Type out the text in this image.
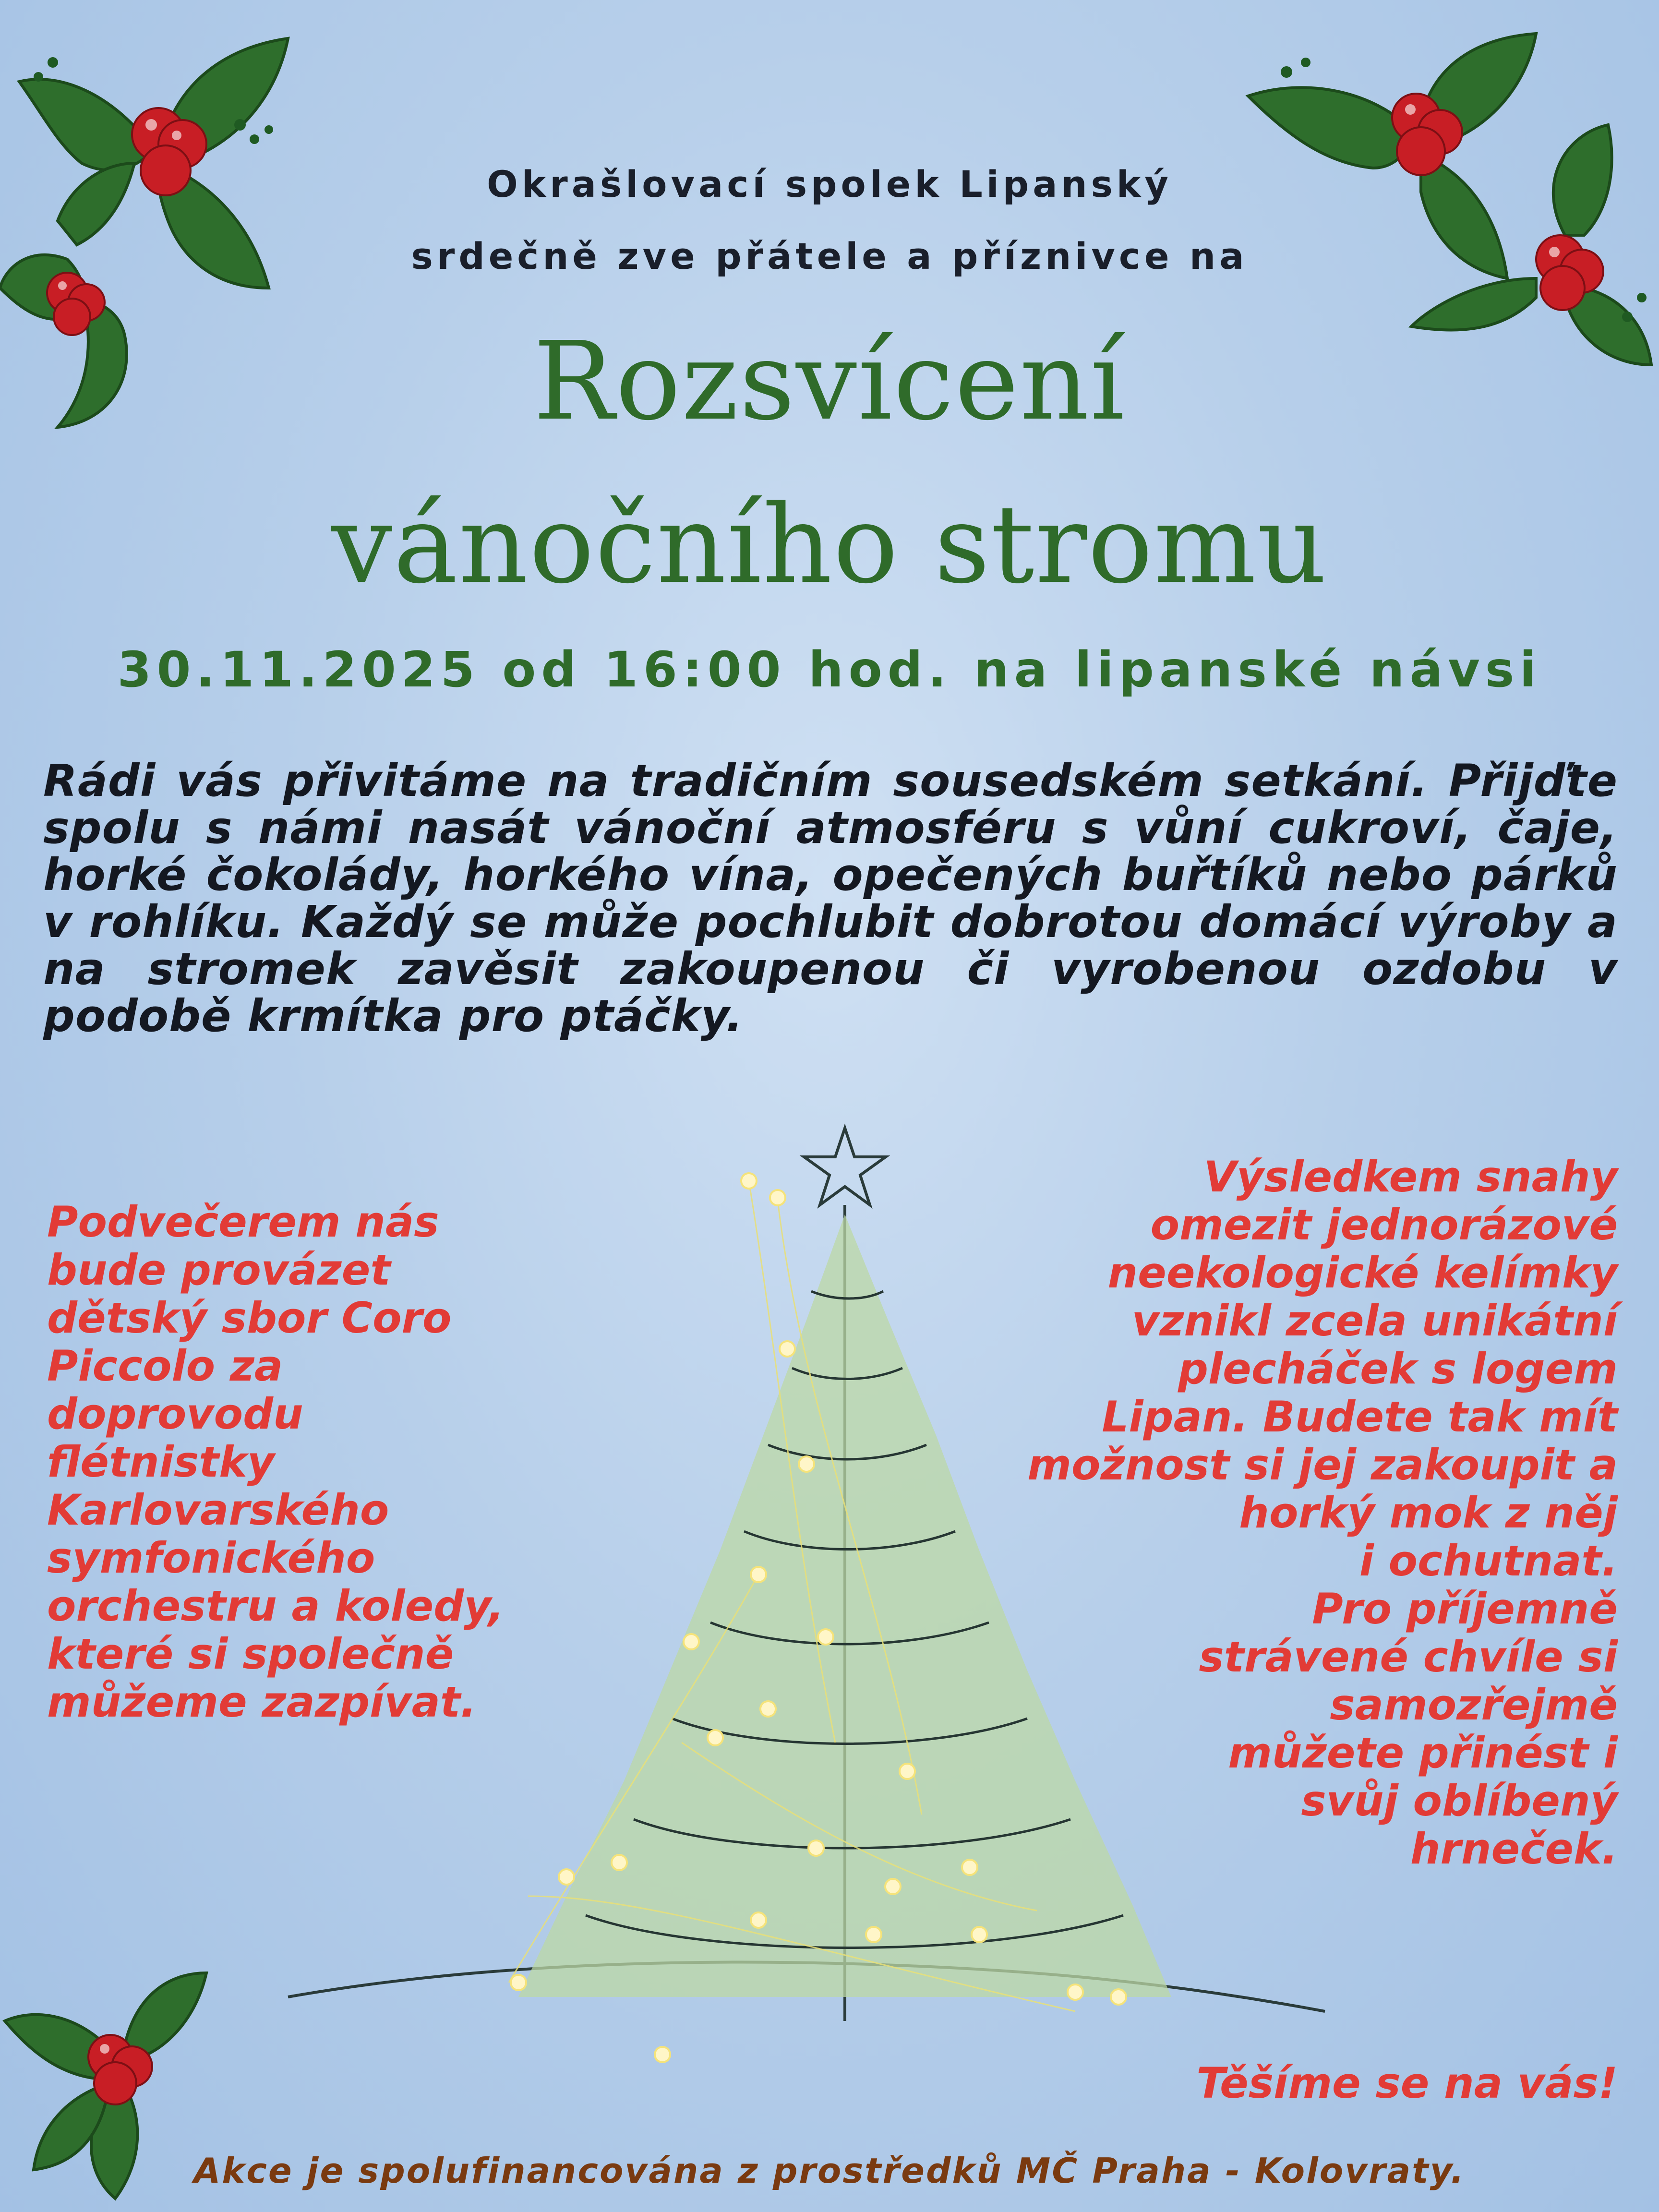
Okrašlovací spolek Lipanský
srdečně zve přátele a příznivce na
Rozsvícení
vánočního stromu
30.11.2025 od 16:00 hod. na lipanské návsi
Rádi vás přivitáme na tradičním sousedském setkání. Přijďte spolu s námi nasát vánoční atmosféru s vůní cukroví, čaje, horké čokolády, horkého vína, opečených buřtíků nebo párků v rohlíku. Každý se může pochlubit dobrotou domácí výroby a na stromek zavěsit zakoupenou či vyrobenou ozdobu v podobě krmítka pro ptáčky.
Podvečerem nás
bude provázet
dětský sbor Coro
Piccolo za
doprovodu
flétnistky
Karlovarského
symfonického
orchestru a koledy,
které si společně
můžeme zazpívat.
Výsledkem snahy
omezit jednorázové
neekologické kelímky
vznikl zcela unikátní
plecháček s logem
Lipan. Budete tak mít
možnost si jej zakoupit a
horký mok z něj
i ochutnat.
Pro příjemně
strávené chvíle si
samozřejmě
můžete přinést i
svůj oblíbený
hrneček.
Těšíme se na vás!
Akce je spolufinancována z prostředků MČ Praha - Kolovraty.
